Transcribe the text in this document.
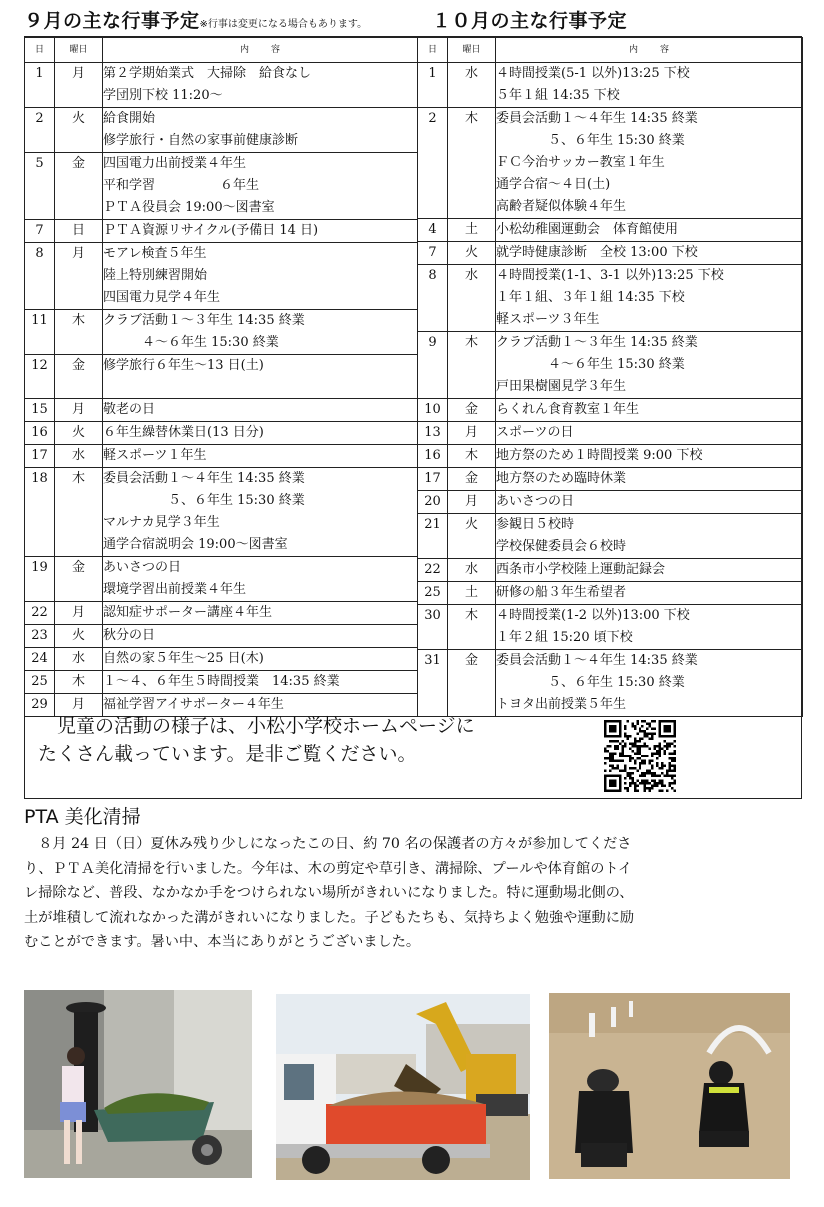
９月の主な行事予定※行事は変更になる場合もあります。	１０月の主な行事予定
日	曜日	内容
1	月	第２学期始業式　大掃除　給食なし
学団別下校 11:20〜
2	火	給食開始
修学旅行・自然の家事前健康診断
5	金	四国電力出前授業４年生
平和学習　　　　　６年生
ＰＴＡ役員会 19:00〜図書室
7	日	ＰＴＡ資源リサイクル(予備日 14 日)
8	月	モアレ検査５年生
陸上特別練習開始
四国電力見学４年生
11	木	クラブ活動１～３年生 14:35 終業
　　　４～６年生 15:30 終業
12	金	修学旅行６年生～13 日(土)
15	月	敬老の日
16	火	６年生繰替休業日(13 日分)
17	水	軽スポーツ１年生
18	木	委員会活動１～４年生 14:35 終業
　　　　　５、６年生 15:30 終業
マルナカ見学３年生
通学合宿説明会 19:00〜図書室
19	金	あいさつの日
環境学習出前授業４年生
22	月	認知症サポーター講座４年生
23	火	秋分の日
24	水	自然の家５年生～25 日(木)
25	木	１～４、６年生５時間授業　14:35 終業
29	月	福祉学習アイサポーター４年生
日	曜日	内容
1	水	４時間授業(5-1 以外)13:25 下校
５年１組 14:35 下校
2	木	委員会活動１～４年生 14:35 終業
　　　　５、６年生 15:30 終業
ＦＣ今治サッカー教室１年生
通学合宿～４日(土)
高齢者疑似体験４年生
4	土	小松幼稚園運動会　体育館使用
7	火	就学時健康診断　全校 13:00 下校
8	水	４時間授業(1-1、3-1 以外)13:25 下校
１年１組、３年１組 14:35 下校
軽スポーツ３年生
9	木	クラブ活動１～３年生 14:35 終業
　　　　４～６年生 15:30 終業
戸田果樹園見学３年生
10	金	らくれん食育教室１年生
13	月	スポーツの日
16	木	地方祭のため１時間授業 9:00 下校
17	金	地方祭のため臨時休業
20	月	あいさつの日
21	火	参観日５校時
学校保健委員会６校時
22	水	西条市小学校陸上運動記録会
25	土	研修の船３年生希望者
30	木	４時間授業(1-2 以外)13:00 下校
１年２組 15:20 頃下校
31	金	委員会活動１～４年生 14:35 終業
　　　　５、６年生 15:30 終業
トヨタ出前授業５年生
　児童の活動の様子は、小松小学校ホームページに
たくさん載っています。是非ご覧ください。
PTA 美化清掃
　８月 24 日（日）夏休み残り少しになったこの日、約 70 名の保護者の方々が参加してくださ
り、ＰＴＡ美化清掃を行いました。今年は、木の剪定や草引き、溝掃除、プールや体育館のトイ
レ掃除など、普段、なかなか手をつけられない場所がきれいになりました。特に運動場北側の、
土が堆積して流れなかった溝がきれいになりました。子どもたちも、気持ちよく勉強や運動に励
むことができます。暑い中、本当にありがとうございました。
